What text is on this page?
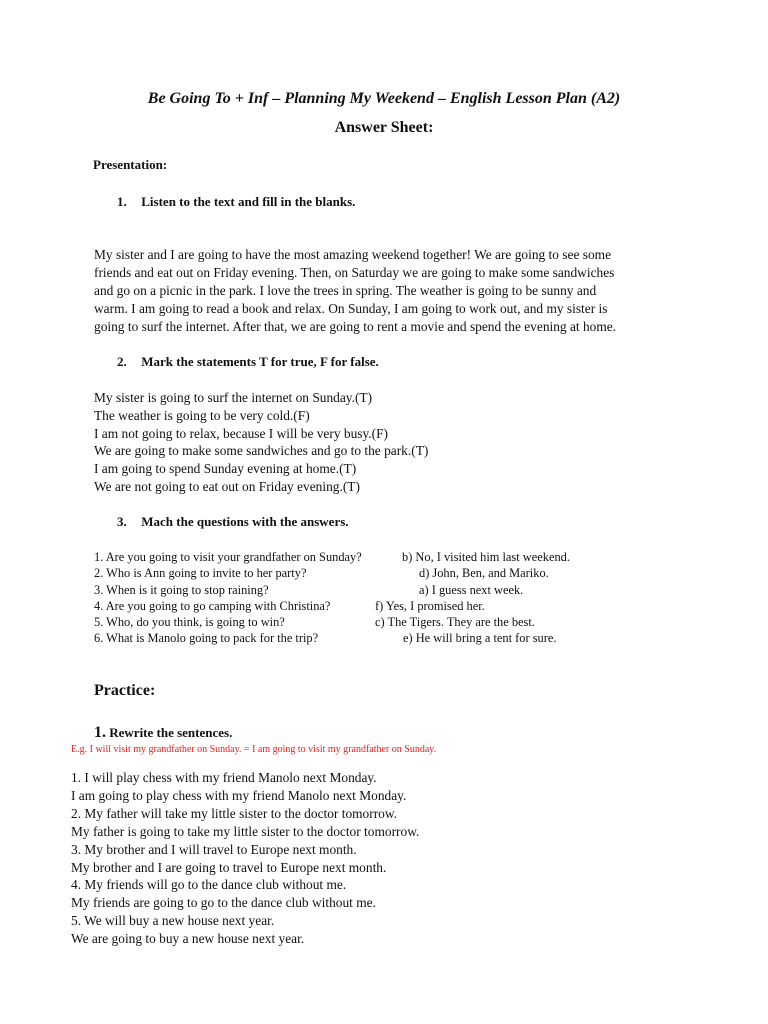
Be Going To + Inf – Planning My Weekend – English Lesson Plan (A2)
Answer Sheet:
Presentation:
1. Listen to the text and fill in the blanks.
My sister and I are going to have the most amazing weekend together! We are going to see some
friends and eat out on Friday evening. Then, on Saturday we are going to make some sandwiches
and go on a picnic in the park. I love the trees in spring. The weather is going to be sunny and
warm. I am going to read a book and relax. On Sunday, I am going to work out, and my sister is
going to surf the internet. After that, we are going to rent a movie and spend the evening at home.
2. Mark the statements T for true, F for false.
My sister is going to surf the internet on Sunday.(T)
The weather is going to be very cold.(F)
I am not going to relax, because I will be very busy.(F)
We are going to make some sandwiches and go to the park.(T)
I am going to spend Sunday evening at home.(T)
We are not going to eat out on Friday evening.(T)
3. Mach the questions with the answers.
1. Are you going to visit your grandfather on Sunday?	b) No, I visited him last weekend.
2. Who is Ann going to invite to her party?	d) John, Ben, and Mariko.
3. When is it going to stop raining?	a) I guess next week.
4. Are you going to go camping with Christina?	f) Yes, I promised her.
5. Who, do you think, is going to win?	c) The Tigers. They are the best.
6. What is Manolo going to pack for the trip?	e) He will bring a tent for sure.
Practice:
1. Rewrite the sentences.
E.g. I will visit my grandfather on Sunday. = I am going to visit my grandfather on Sunday.
1. I will play chess with my friend Manolo next Monday.
I am going to play chess with my friend Manolo next Monday.
2. My father will take my little sister to the doctor tomorrow.
My father is going to take my little sister to the doctor tomorrow.
3. My brother and I will travel to Europe next month.
My brother and I are going to travel to Europe next month.
4. My friends will go to the dance club without me.
My friends are going to go to the dance club without me.
5. We will buy a new house next year.
We are going to buy a new house next year.
